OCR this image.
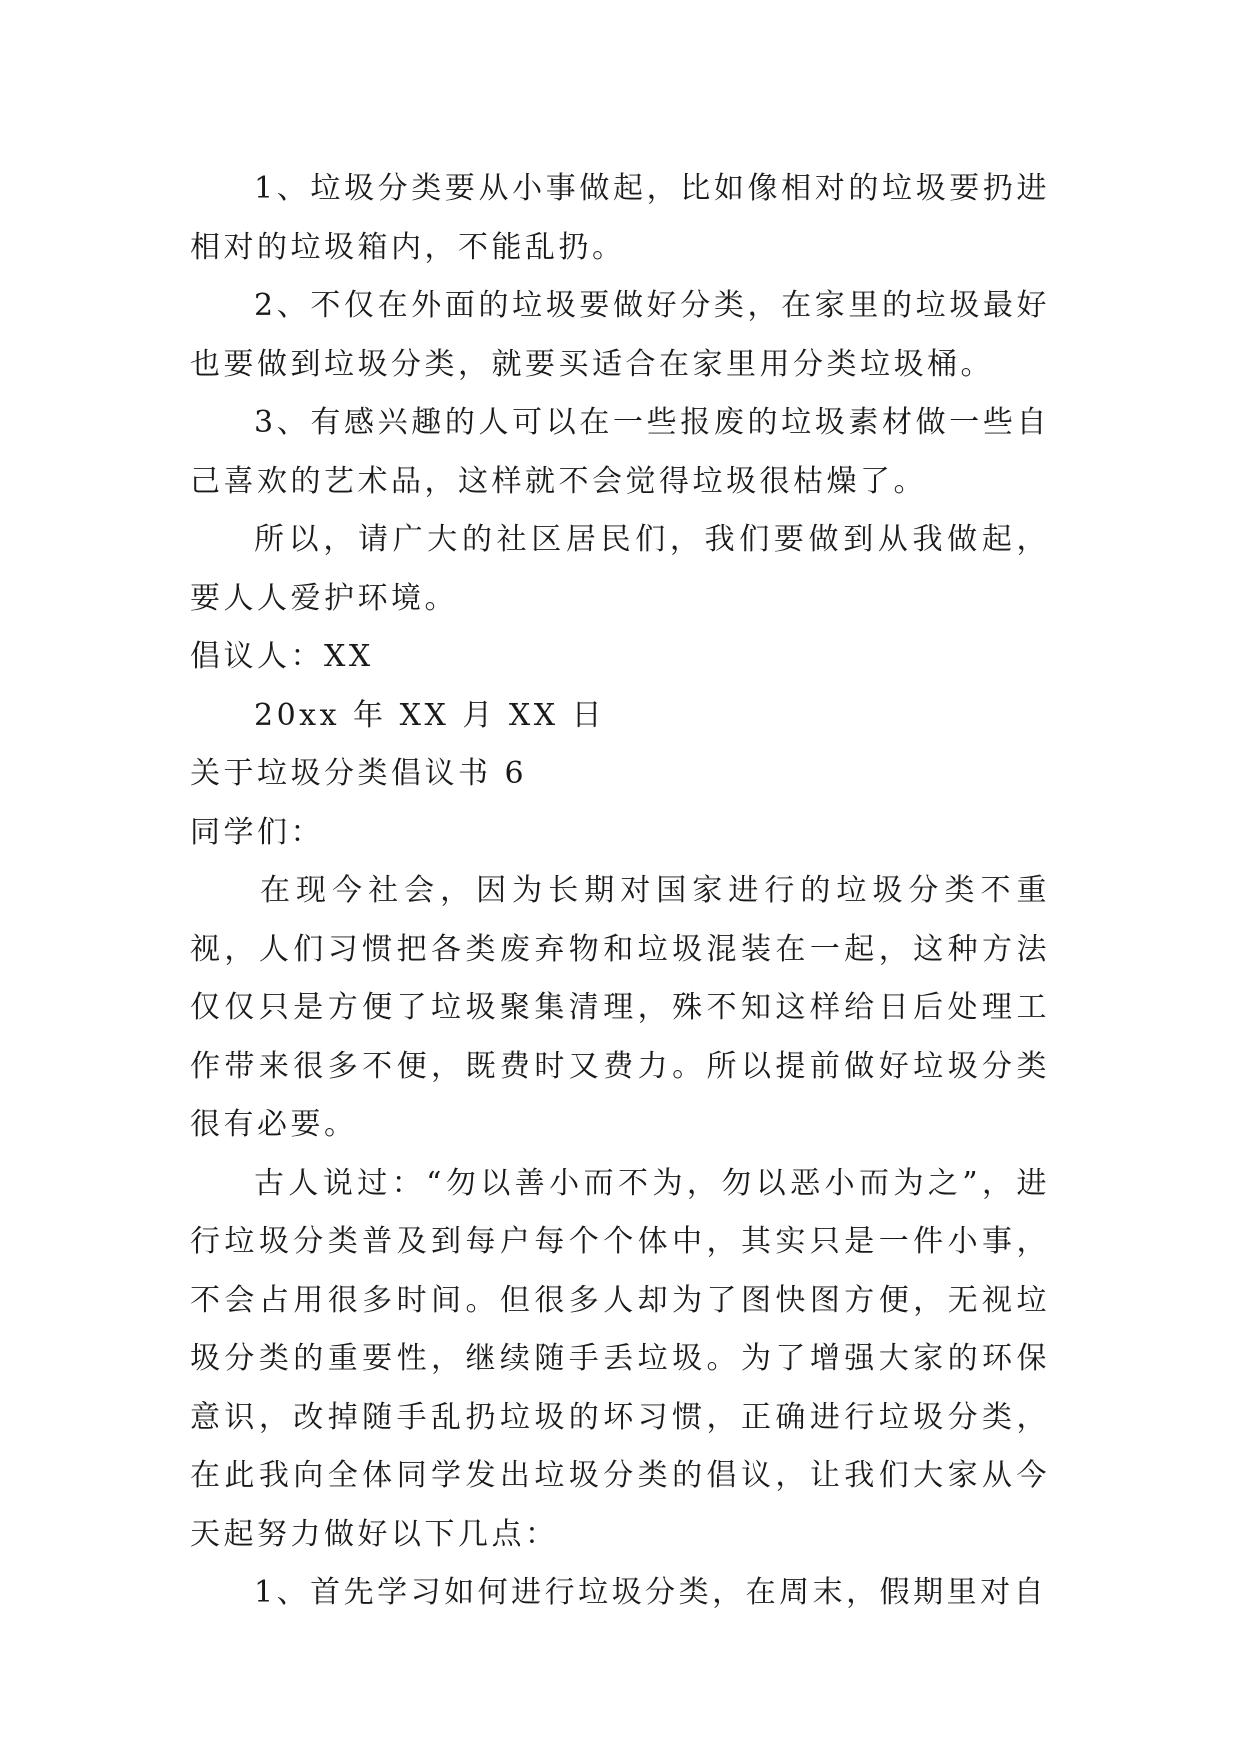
1、垃圾分类要从小事做起，比如像相对的垃圾要扔进相对的垃圾箱内，不能乱扔。

2、不仅在外面的垃圾要做好分类，在家里的垃圾最好也要做到垃圾分类，就要买适合在家里用分类垃圾桶。

3、有感兴趣的人可以在一些报废的垃圾素材做一些自己喜欢的艺术品，这样就不会觉得垃圾很枯燥了。

所以，请广大的社区居民们，我们要做到从我做起，要人人爱护环境。

倡议人：XX

20xx 年 XX 月 XX 日

关于垃圾分类倡议书 6

同学们：

在现今社会，因为长期对国家进行的垃圾分类不重视，人们习惯把各类废弃物和垃圾混装在一起，这种方法仅仅只是方便了垃圾聚集清理，殊不知这样给日后处理工作带来很多不便，既费时又费力。所以提前做好垃圾分类很有必要。

古人说过：“勿以善小而不为，勿以恶小而为之”，进行垃圾分类普及到每户每个个体中，其实只是一件小事，不会占用很多时间。但很多人却为了图快图方便，无视垃圾分类的重要性，继续随手丢垃圾。为了增强大家的环保意识，改掉随手乱扔垃圾的坏习惯，正确进行垃圾分类，在此我向全体同学发出垃圾分类的倡议，让我们大家从今天起努力做好以下几点：

1、首先学习如何进行垃圾分类，在周末，假期里对自
